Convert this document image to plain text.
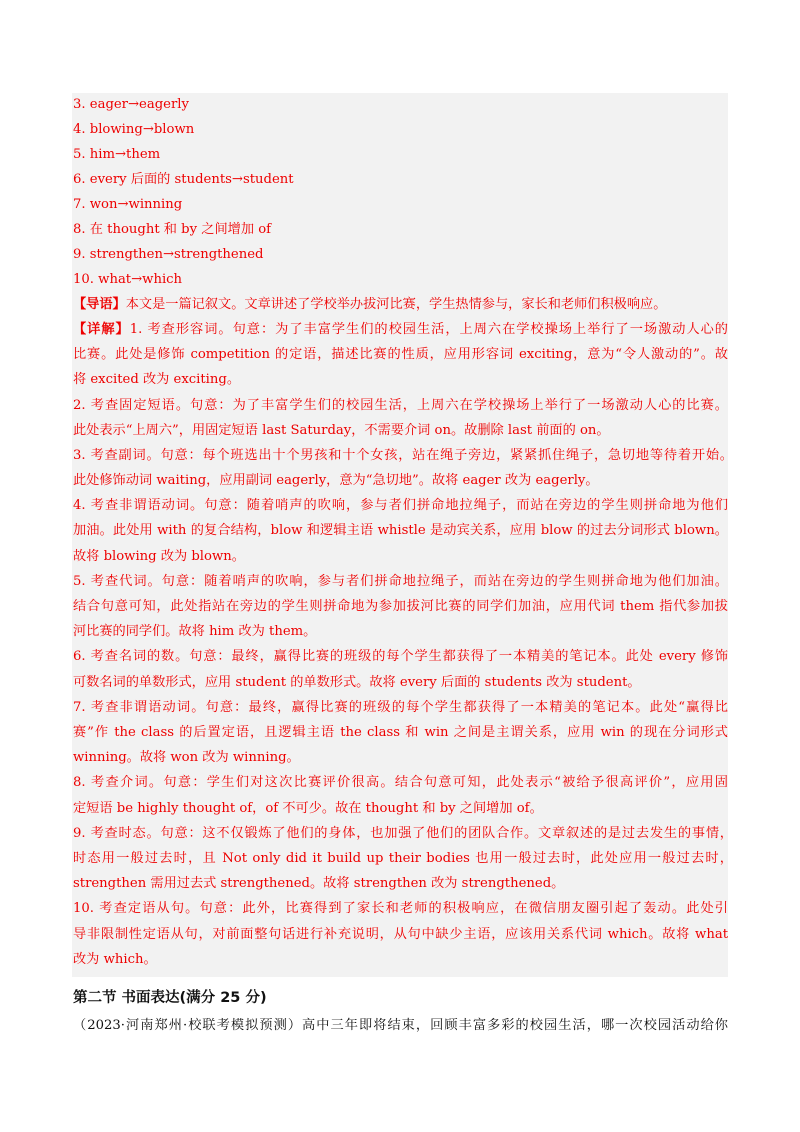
3. eager→eagerly

4. blowing→blown

5. him→them

6. every 后面的 students→student

7. won→winning

8. 在 thought 和 by 之间增加 of

9. strengthen→strengthened

10. what→which

【导语】本文是一篇记叙文。文章讲述了学校举办拔河比赛，学生热情参与，家长和老师们积极响应。

【详解】1. 考查形容词。句意：为了丰富学生们的校园生活，上周六在学校操场上举行了一场激动人心的

比赛。此处是修饰 competition 的定语，描述比赛的性质，应用形容词 exciting，意为“令人激动的”。故

将 excited 改为 exciting。

2. 考查固定短语。句意：为了丰富学生们的校园生活，上周六在学校操场上举行了一场激动人心的比赛。

此处表示“上周六”，用固定短语 last Saturday，不需要介词 on。故删除 last 前面的 on。

3. 考查副词。句意：每个班选出十个男孩和十个女孩，站在绳子旁边，紧紧抓住绳子，急切地等待着开始。

此处修饰动词 waiting，应用副词 eagerly，意为“急切地”。故将 eager 改为 eagerly。

4. 考查非谓语动词。句意：随着哨声的吹响，参与者们拼命地拉绳子，而站在旁边的学生则拼命地为他们

加油。此处用 with 的复合结构，blow 和逻辑主语 whistle 是动宾关系，应用 blow 的过去分词形式 blown。

故将 blowing 改为 blown。

5. 考查代词。句意：随着哨声的吹响，参与者们拼命地拉绳子，而站在旁边的学生则拼命地为他们加油。

结合句意可知，此处指站在旁边的学生则拼命地为参加拔河比赛的同学们加油，应用代词 them 指代参加拔

河比赛的同学们。故将 him 改为 them。

6. 考查名词的数。句意：最终，赢得比赛的班级的每个学生都获得了一本精美的笔记本。此处 every 修饰

可数名词的单数形式，应用 student 的单数形式。故将 every 后面的 students 改为 student。

7. 考查非谓语动词。句意：最终，赢得比赛的班级的每个学生都获得了一本精美的笔记本。此处“赢得比

赛”作 the class 的后置定语，且逻辑主语 the class 和 win 之间是主谓关系，应用 win 的现在分词形式

winning。故将 won 改为 winning。

8. 考查介词。句意：学生们对这次比赛评价很高。结合句意可知，此处表示“被给予很高评价”，应用固

定短语 be highly thought of，of 不可少。故在 thought 和 by 之间增加 of。

9. 考查时态。句意：这不仅锻炼了他们的身体，也加强了他们的团队合作。文章叙述的是过去发生的事情，

时态用一般过去时，且 Not only did it build up their bodies 也用一般过去时，此处应用一般过去时，

strengthen 需用过去式 strengthened。故将 strengthen 改为 strengthened。

10. 考查定语从句。句意：此外，比赛得到了家长和老师的积极响应，在微信朋友圈引起了轰动。此处引

导非限制性定语从句，对前面整句话进行补充说明，从句中缺少主语，应该用关系代词 which。故将 what

改为 which。

第二节 书面表达(满分 25 分)

（2023·河南郑州·校联考模拟预测）高中三年即将结束，回顾丰富多彩的校园生活，哪一次校园活动给你
